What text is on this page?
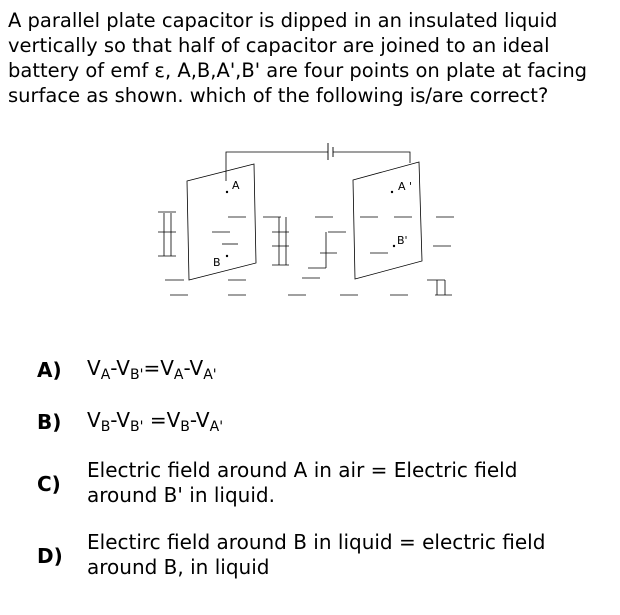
A parallel plate capacitor is dipped in an insulated liquid vertically so that half of capacitor are joined to an ideal battery of emf ε, A,B,A',B' are four points on plate at facing surface as shown. which of the following is/are correct?
A
B
A '
B'
A) $V_A-V_{B'}=V_A-V_{A'}$
B) $V_B-V_{B'} =V_B-V_{A'}$
C)
Electric field around A in air = Electric field around B' in liquid.
D)
Electirc field around B in liquid = electric field around B, in liquid
